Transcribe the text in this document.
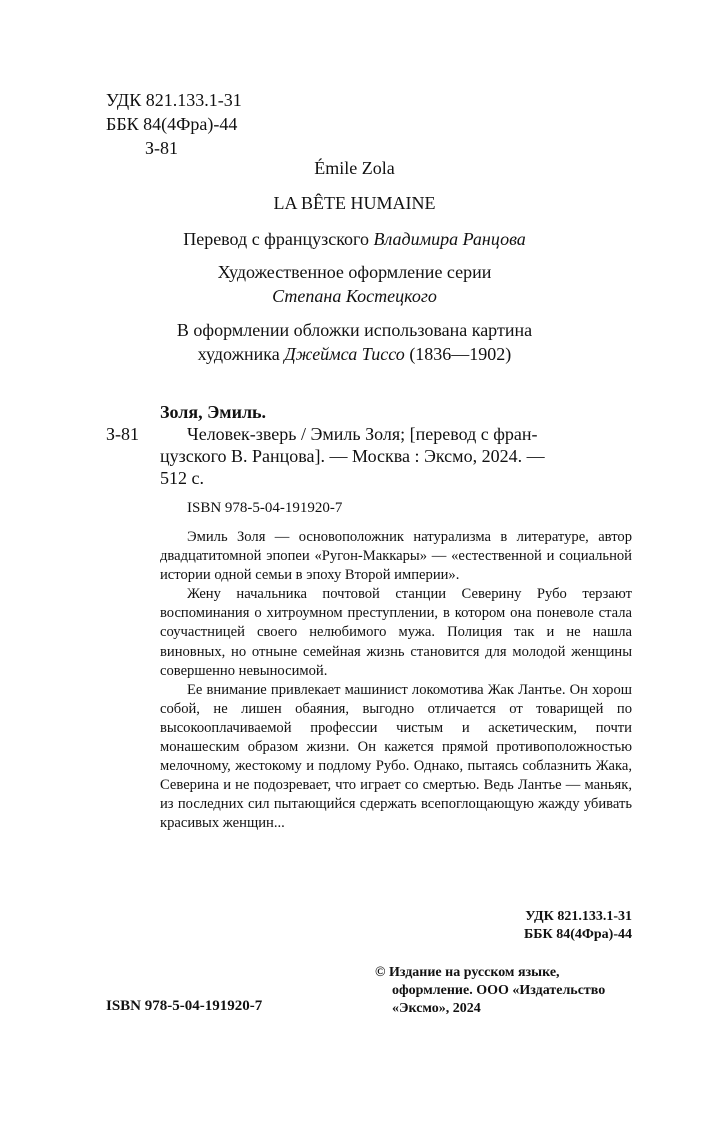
УДК 821.133.1-31
ББК 84(4Фра)-44
З-81
Émile Zola
LA BÊTE HUMAINE
Перевод с французского Владимира Ранцова
Художественное оформление серии
Степана Костецкого
В оформлении обложки использована картина
художника Джеймса Тиссо (1836—1902)
Золя, Эмиль.
З-81	Человек-зверь / Эмиль Золя; [перевод с фран-
цузского В. Ранцова]. — Москва : Эксмо, 2024. —
512 с.
ISBN 978-5-04-191920-7

Эмиль Золя — основоположник натурализма в литературе, автор двадцатитомной эпопеи «Ругон-Маккары» — «естественной и социальной истории одной семьи в эпоху Второй империи».

Жену начальника почтовой станции Северину Рубо терзают воспоминания о хитроумном преступлении, в котором она поневоле стала соучастницей своего нелюбимого мужа. Полиция так и не нашла виновных, но отныне семейная жизнь становится для молодой женщины совершенно невыносимой.

Ее внимание привлекает машинист локомотива Жак Лантье. Он хорош собой, не лишен обаяния, выгодно отличается от товарищей по высокооплачиваемой профессии чистым и аскетическим, почти монашеским образом жизни. Он кажется прямой противоположностью мелочному, жестокому и подлому Рубо. Однако, пытаясь соблазнить Жака, Северина и не подозревает, что играет со смертью. Ведь Лантье — маньяк, из последних сил пытающийся сдержать всепоглощающую жажду убивать красивых женщин...

УДК 821.133.1-31
ББК 84(4Фра)-44
© Издание на русском языке,
оформление. ООО «Издательство
«Эксмо», 2024
ISBN 978-5-04-191920-7
